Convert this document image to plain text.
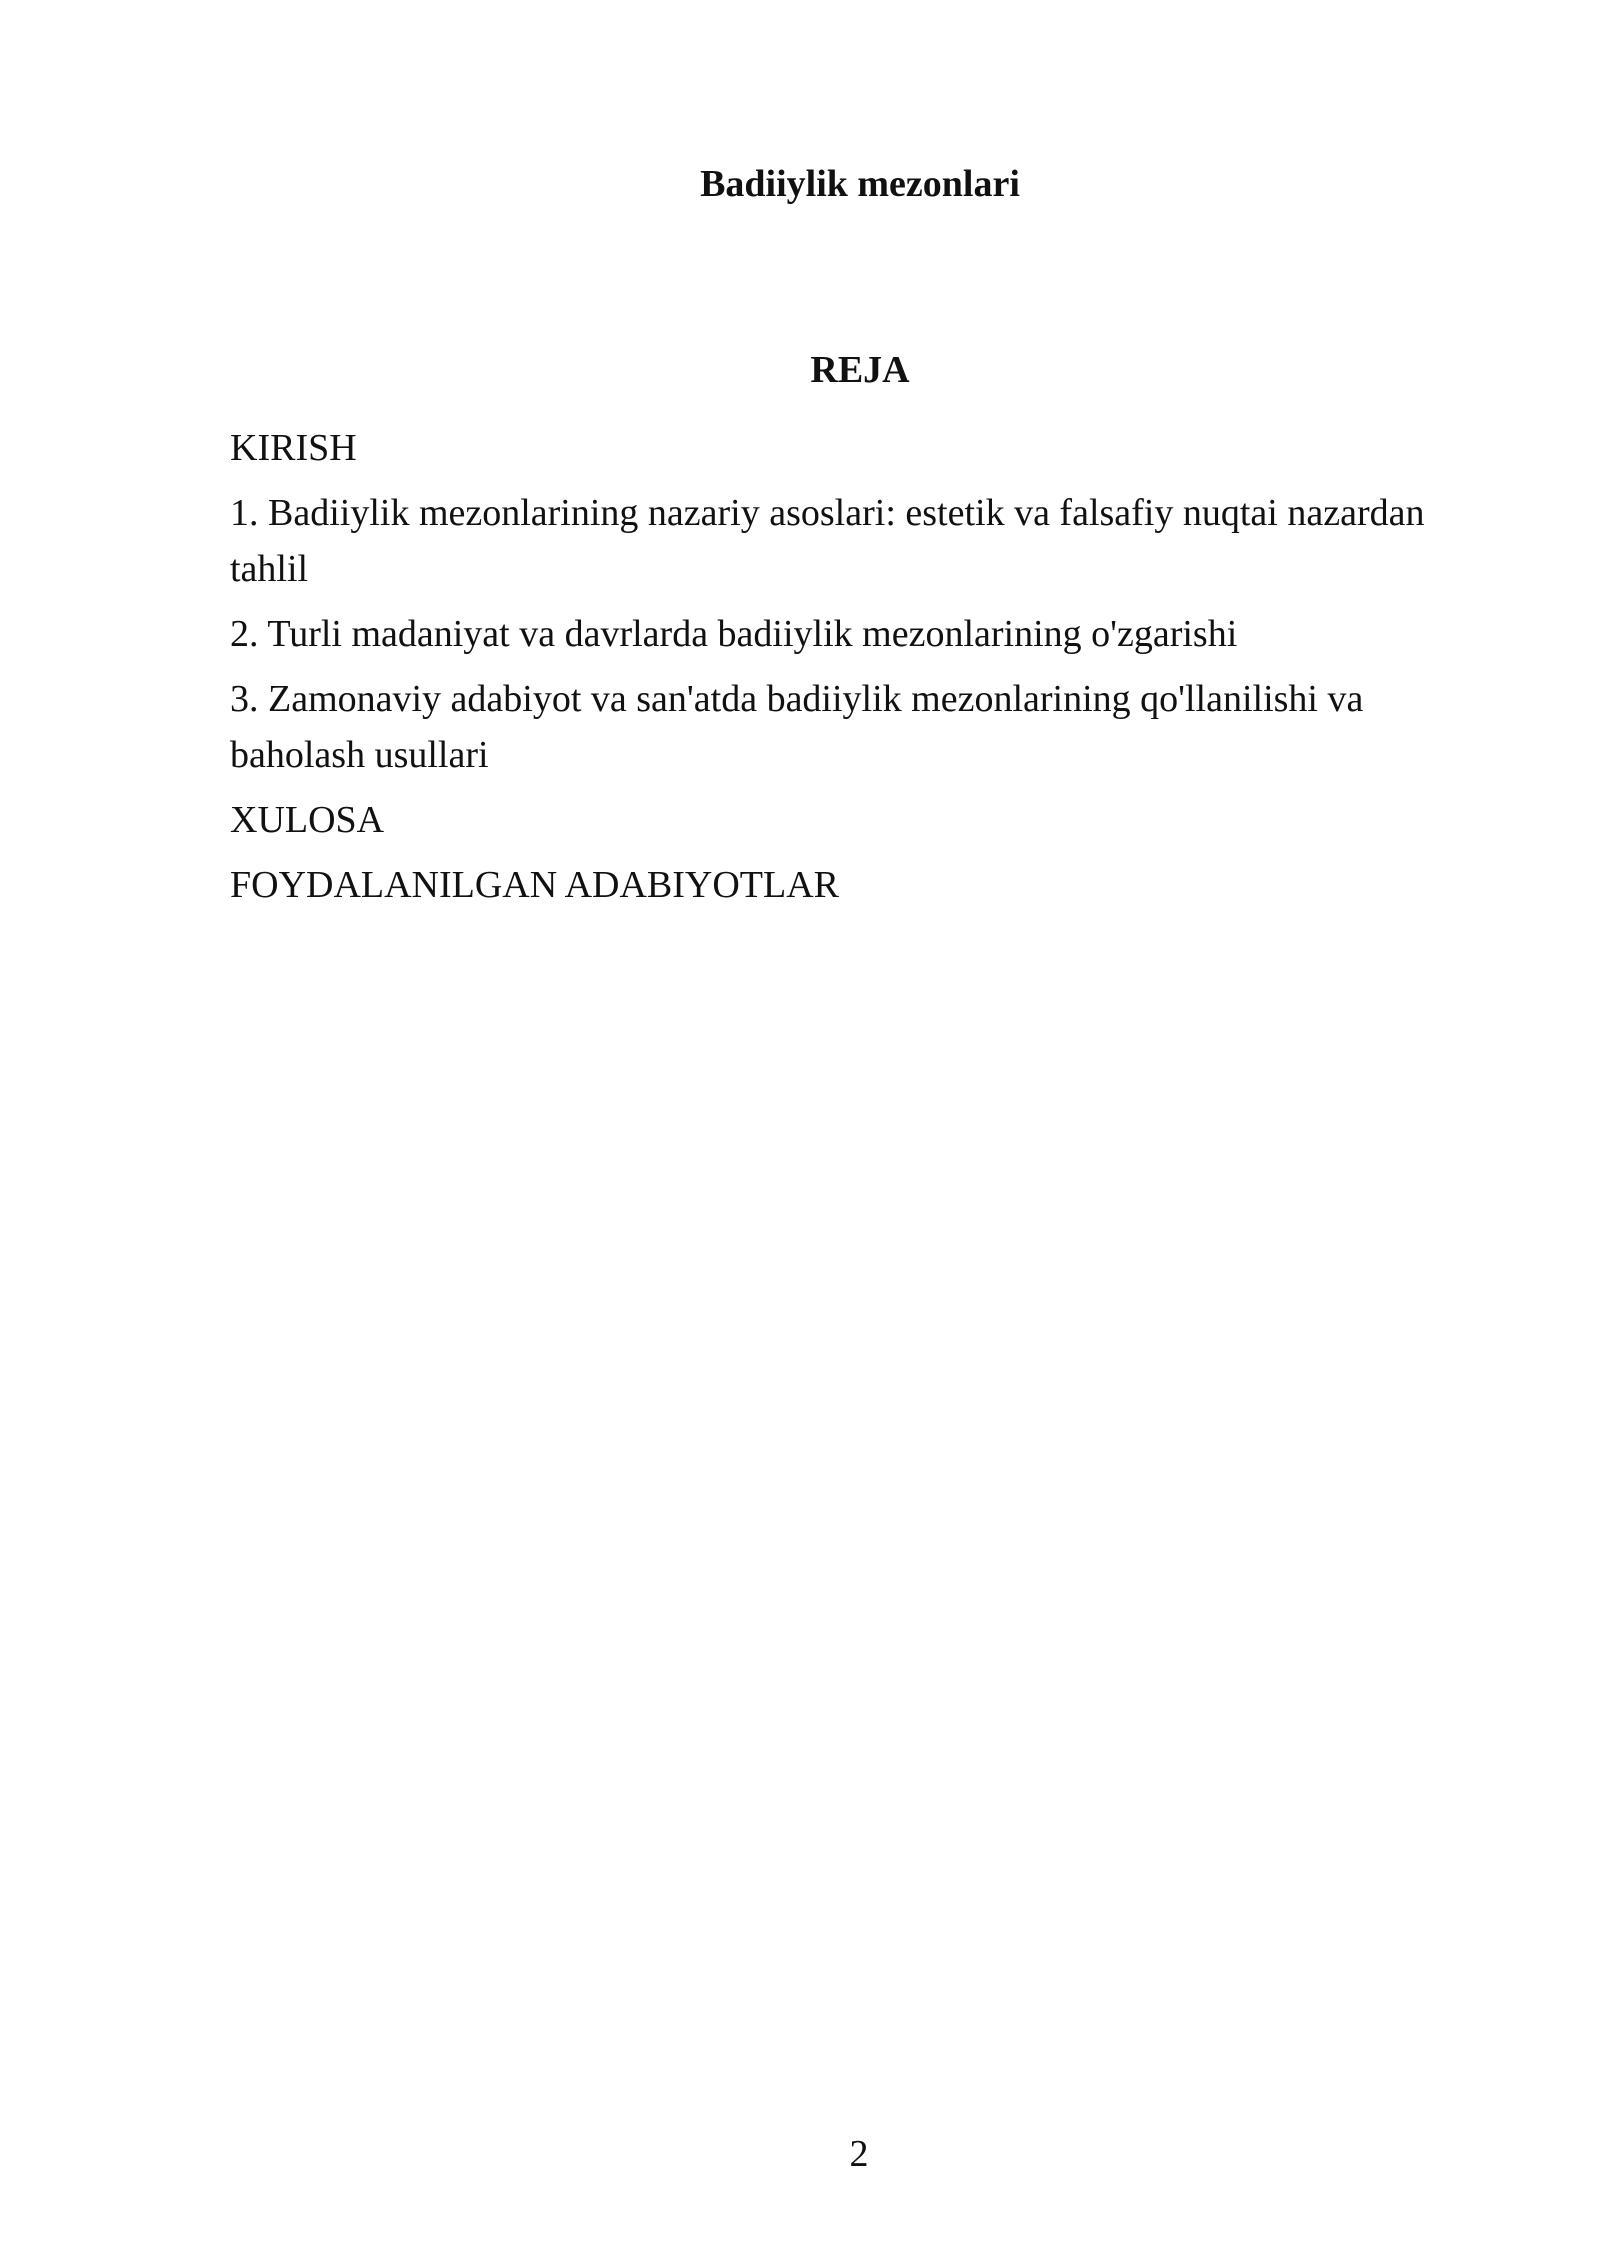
Badiiylik mezonlari
REJA
KIRISH
1. Badiiylik mezonlarining nazariy asoslari: estetik va falsafiy nuqtai nazardan tahlil
2. Turli madaniyat va davrlarda badiiylik mezonlarining o'zgarishi
3. Zamonaviy adabiyot va san'atda badiiylik mezonlarining qo'llanilishi va baholash usullari
XULOSA
FOYDALANILGAN ADABIYOTLAR

2
